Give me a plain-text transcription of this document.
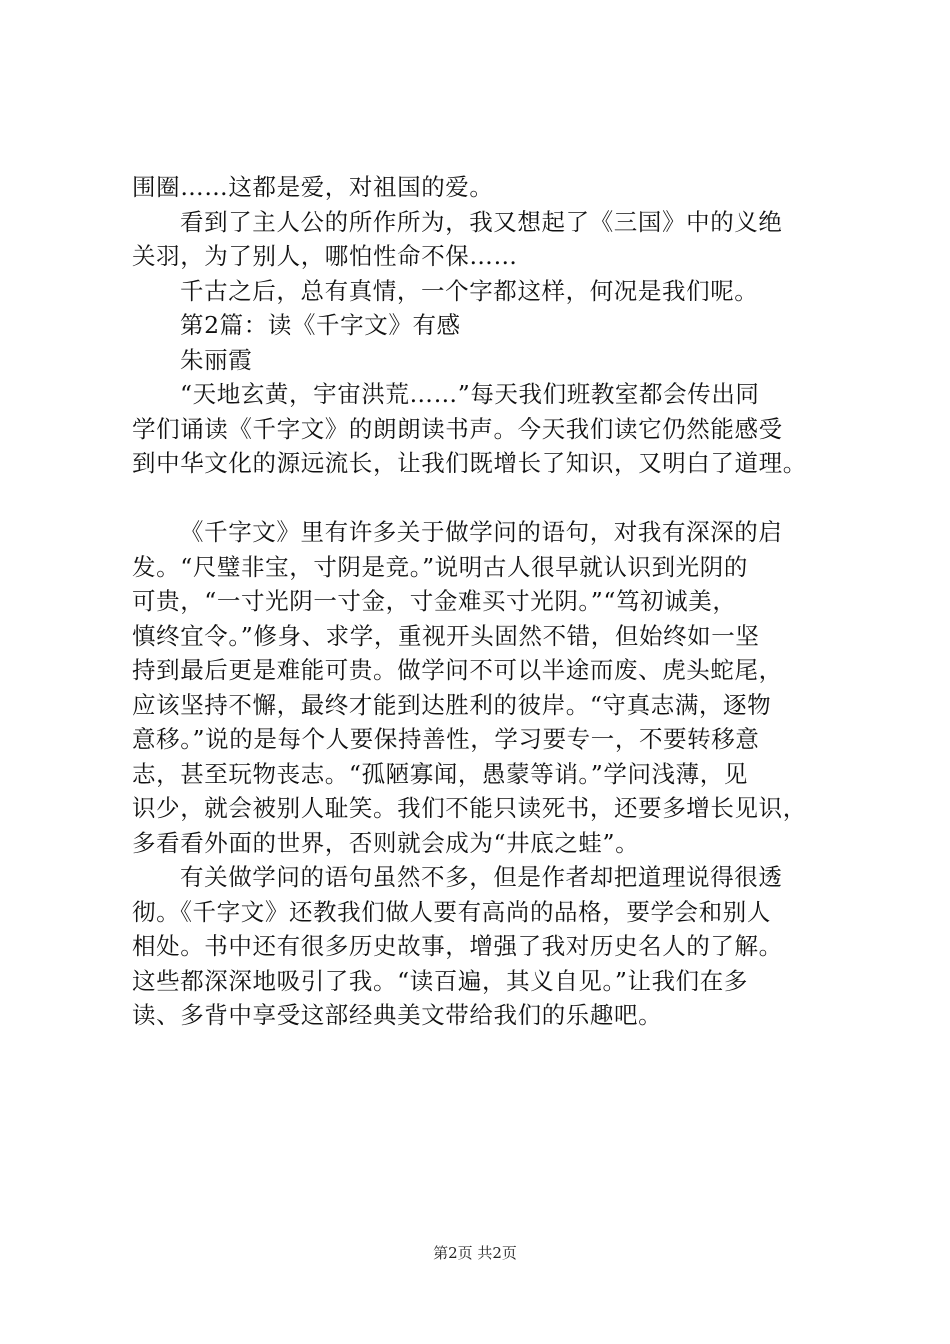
围圈……这都是爱，对祖国的爱。
看到了主人公的所作所为，我又想起了《三国》中的义绝
关羽，为了别人，哪怕性命不保……
千古之后，总有真情，一个字都这样，何况是我们呢。
第2篇：读《千字文》有感
朱丽霞
“天地玄黄，宇宙洪荒……”每天我们班教室都会传出同
学们诵读《千字文》的朗朗读书声。今天我们读它仍然能感受
到中华文化的源远流长，让我们既增长了知识，又明白了道理。
《千字文》里有许多关于做学问的语句，对我有深深的启
发。“尺璧非宝，寸阴是竞。”说明古人很早就认识到光阴的
可贵，“一寸光阴一寸金，寸金难买寸光阴。”“笃初诚美，
慎终宜令。”修身、求学，重视开头固然不错，但始终如一坚
持到最后更是难能可贵。做学问不可以半途而废、虎头蛇尾，
应该坚持不懈，最终才能到达胜利的彼岸。“守真志满，逐物
意移。”说的是每个人要保持善性，学习要专一，不要转移意
志，甚至玩物丧志。“孤陋寡闻，愚蒙等诮。”学问浅薄，见
识少，就会被别人耻笑。我们不能只读死书，还要多增长见识，
多看看外面的世界，否则就会成为“井底之蛙”。
有关做学问的语句虽然不多，但是作者却把道理说得很透
彻。《千字文》还教我们做人要有高尚的品格，要学会和别人
相处。书中还有很多历史故事，增强了我对历史名人的了解。
这些都深深地吸引了我。“读百遍，其义自见。”让我们在多
读、多背中享受这部经典美文带给我们的乐趣吧。
第2页 共2页
